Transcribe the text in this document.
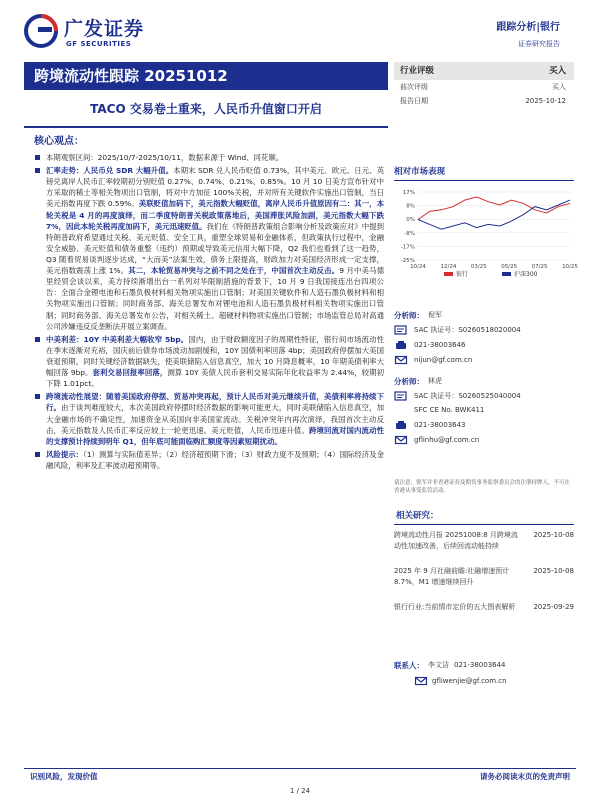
广发证券
GF SECURITIES
跟踪分析|银行
证券研究报告
跨境流动性跟踪 20251012
TACO 交易卷土重来，人民币升值窗口开启
核心观点：
本期观察区间：2025/10/7-2025/10/11，数据来源于 Wind、同花顺。
汇率走势：人民币兑 SDR 大幅升值。本期末 SDR 兑人民币贬值 0.73%，其中美元、欧元、日元、英镑兑离岸人民币汇率较期初分别贬值 0.27%、0.74%、0.21%、0.85%。10 月 10 日美方宣布针对中方采取的稀土等相关物项出口管制，将对中方加征 100%关税，并对所有关键软件实施出口管制，当日美元指数再度下跌 0.59%。美联贬值加码下，美元指数大幅贬值，离岸人民币升值原因有二：其一，本轮关税是 4 月的再度演绎，而二季度特朗普关税政策落地后，美国滞胀风险加剧，美元指数大幅下跌 7%，因此本轮关税再度加码下，美元迅速贬值。我们在《特朗普政策组合影响分析及政策应对》中提到特朗普政府希望通过关税、美元贬值、安全工具，重塑全球贸易和金融体系，但政策执行过程中，金融安全威胁、美元贬值和债务重整（违约）预期或导致美元信用大幅下降，Q2 我们也看到了这一趋势，Q3 随着贸易谈判逐步达成，“大而美”法案生效，债务上限提高，财政加力对美国经济形成一定支撑，美元指数震荡上涨 1%。其二，本轮贸易冲突与之前不同之处在于，中国首次主动反击。9 月中美马德里经贸会谈以来，美方持续渐增出台一系列对华限制措施的背景下，10 月 9 日我国接连出台四项公告：全面合金锂电池和石墨负极材料相关物项实施出口管制；对美国关键软件和人造石墨负极材料和相关物项实施出口管制；同时商务部、海关总署发布对锂电池和人造石墨负极材料相关物项实施出口管制；同时商务部、海关总署发布公告，对相关稀土、超硬材料物项实施出口管制；市场监管总局对高通公司涉嫌违反反垄断法开展立案调查。
中美利差：10Y 中美利差大幅收窄 5bp。国内，由于财政额度因子的周期性特征，银行间市场流动性在季末逐渐对充裕，国庆前后债券市场波动加剧缓和，10Y 国债利率回落 4bp；美国政府停摆加大美国衰退预期，同时关键经济数据缺失，使美联储陷入信息真空，加大 10 月降息概率，10 年期美债利率大幅回落 9bp。套利交易回报率回落，测算 10Y 美债人民币套利交易实际年化收益率为 2.44%，较期初下降 1.01pct。
跨境流动性展望：随着美国政府停摆、贸易冲突再起，预计人民币对美元继续升值，美债利率将持续下行。由于谈判难度较大，本次美国政府停摆时经济数据的影响可能更大，同时美联储陷入信息真空，加大金融市场的不确定性，加速资金从美国向非美国家流动。关税冲突年内再次演绎，我国首次主动反击，美元指数及人民币汇率反应较上一轮更迅速。美元贬值，人民币迅速升值。跨境回流对国内流动性的支撑预计持续到明年 Q1，但年底可能面临购汇额度等因素短期扰动。
风险提示：（1）测算与实际值差异；（2）经济超预期下滑；（3）财政力度不及预期；（4）国际经济及金融风险，利率及汇率波动超预期等。
行业评级	买入
前次评级	买入
报告日期	2025-10-12
相对市场表现
17%
8%
0%
-8%
-17%
-25%
10/24	12/24	03/25	05/25	07/25	10/25
银行	沪深300
分析师： 倪军
SAC 执证号：S0260518020004
021-38003646
nijun@gf.com.cn
分析师： 林虎
SAC 执证号：S0260525040004
SFC CE No. BWK411
021-38003643
gflinhu@gf.com.cn
请注意，倪军并非香港证券及期货事务监察委员会的注册持牌人，不可在香港从事受监管活动。
相关研究：
跨境流动性月报 20251008:8 月跨境流动性加速改善，后续回流动能持续
2025-10-08
2025 年 9 月社融前瞻:社融增速预计 8.7%，M1 增速继续回升
2025-10-08
银行行业:当前情市定价的五大图表解析	2025-09-29
联系人： 李文洁 021-38003644
gfliwenjie@gf.com.cn
识别风险，发现价值	请务必阅读末页的免责声明
1 / 24
